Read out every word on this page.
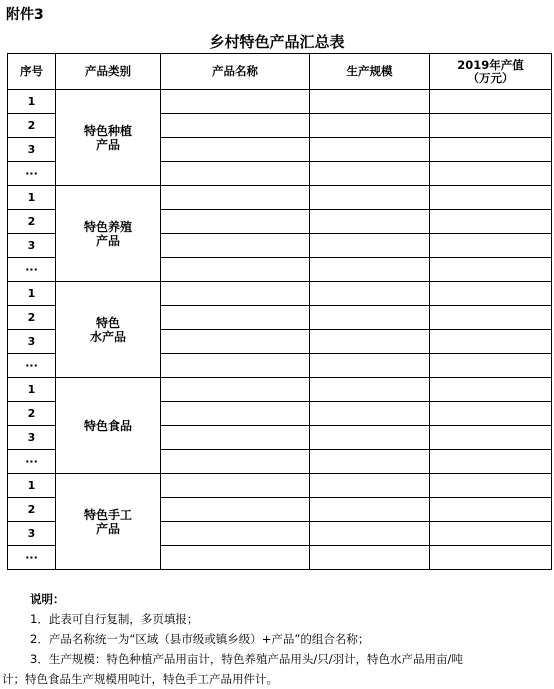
附件3
乡村特色产品汇总表
序号	产品类别	产品名称	生产规模	2019年产值
（万元）
1	特色种植
产品			
2				
3				
···				
1	特色养殖
产品			
2				
3				
···				
1	特色
水产品			
2				
3				
···				
1	特色食品			
2				
3				
···				
1	特色手工
产品			
2				
3				
···				
说明：
1．此表可自行复制，多页填报；
2．产品名称统一为“区域（县市级或镇乡级）+产品”的组合名称；
3．生产规模：特色种植产品用亩计，特色养殖产品用头/只/羽计，特色水产品用亩/吨
计；特色食品生产规模用吨计，特色手工产品用件计。
